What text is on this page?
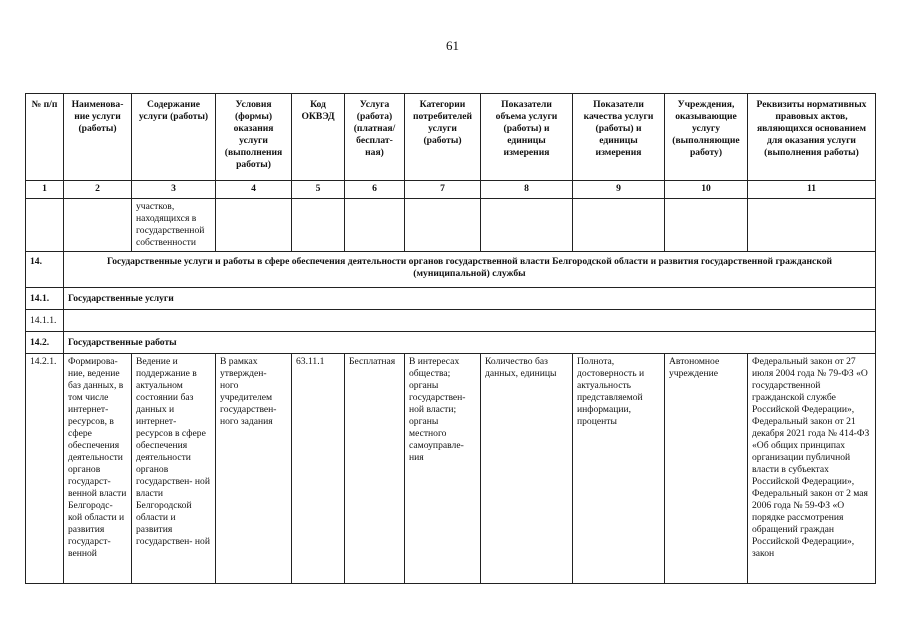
61
№ п/п	Наименова- ние услуги (работы)	Содержание услуги (работы)	Условия (формы) оказания услуги (выполнения работы)	Код ОКВЭД	Услуга (работа) (платная/ бесплат- ная)	Категории потребителей услуги (работы)	Показатели объема услуги (работы) и единицы измерения	Показатели качества услуги (работы) и единицы измерения	Учреждения, оказывающие услугу (выполняющие работу)	Реквизиты нормативных правовых актов, являющихся основанием для оказания услуги (выполнения работы)
1	2	3	4	5	6	7	8	9	10	11
		участков, находящихся в государственной собственности								
14.	Государственные услуги и работы в сфере обеспечения деятельности органов государственной власти Белгородской области и развития государственной гражданской (муниципальной) службы									
14.1.	Государственные услуги									
14.1.1.										
14.2.	Государственные работы									
14.2.1.	Формирова- ние, ведение баз данных, в том числе интернет- ресурсов, в сфере обеспечения деятельности органов государст- венной власти Белгородс- кой области и развития государст- венной	Ведение и поддержание в актуальном состоянии баз данных и интернет- ресурсов в сфере обеспечения деятельности органов государствен- ной власти Белгородской области и развития государствен- ной	В рамках утвержден- ного учредителем государствен- ного задания	63.11.1	Бесплатная	В интересах общества; органы государствен- ной власти; органы местного самоуправле- ния	Количество баз данных, единицы	Полнота, достоверность и актуальность представляемой информации, проценты	Автономное учреждение	Федеральный закон от 27 июля 2004 года № 79-ФЗ «О государственной гражданской службе Российской Федерации», Федеральный закон от 21 декабря 2021 года № 414-ФЗ «Об общих принципах организации публичной власти в субъектах Российской Федерации», Федеральный закон от 2 мая 2006 года № 59-ФЗ «О порядке рассмотрения обращений граждан Российской Федерации», закон
